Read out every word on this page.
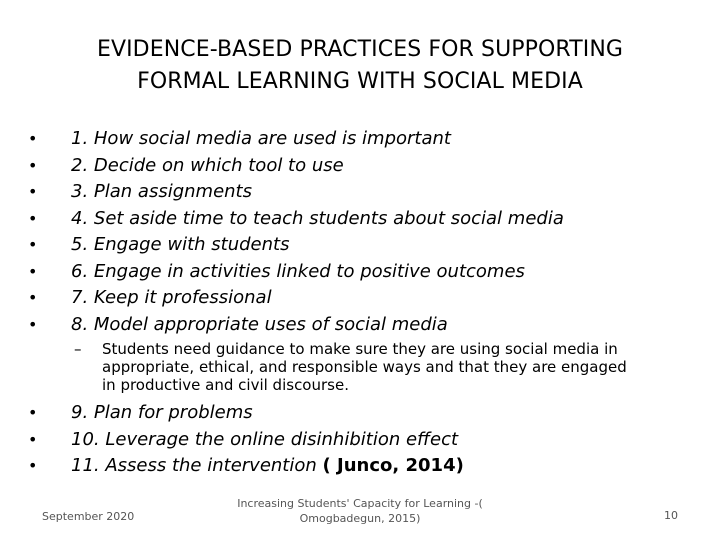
EVIDENCE-BASED PRACTICES FOR SUPPORTING
FORMAL LEARNING WITH SOCIAL MEDIA
• 1. How social media are used is important
• 2. Decide on which tool to use
• 3. Plan assignments
• 4. Set aside time to teach students about social media
• 5. Engage with students
• 6. Engage in activities linked to positive outcomes
• 7. Keep it professional
• 8. Model appropriate uses of social media
– Students need guidance to make sure they are using social media in
appropriate, ethical, and responsible ways and that they are engaged
in productive and civil discourse.
• 9. Plan for problems
• 10. Leverage the online disinhibition effect
• 11. Assess the intervention ( Junco, 2014)
September 2020
Increasing Students' Capacity for Learning -(
Omogbadegun, 2015)	10
